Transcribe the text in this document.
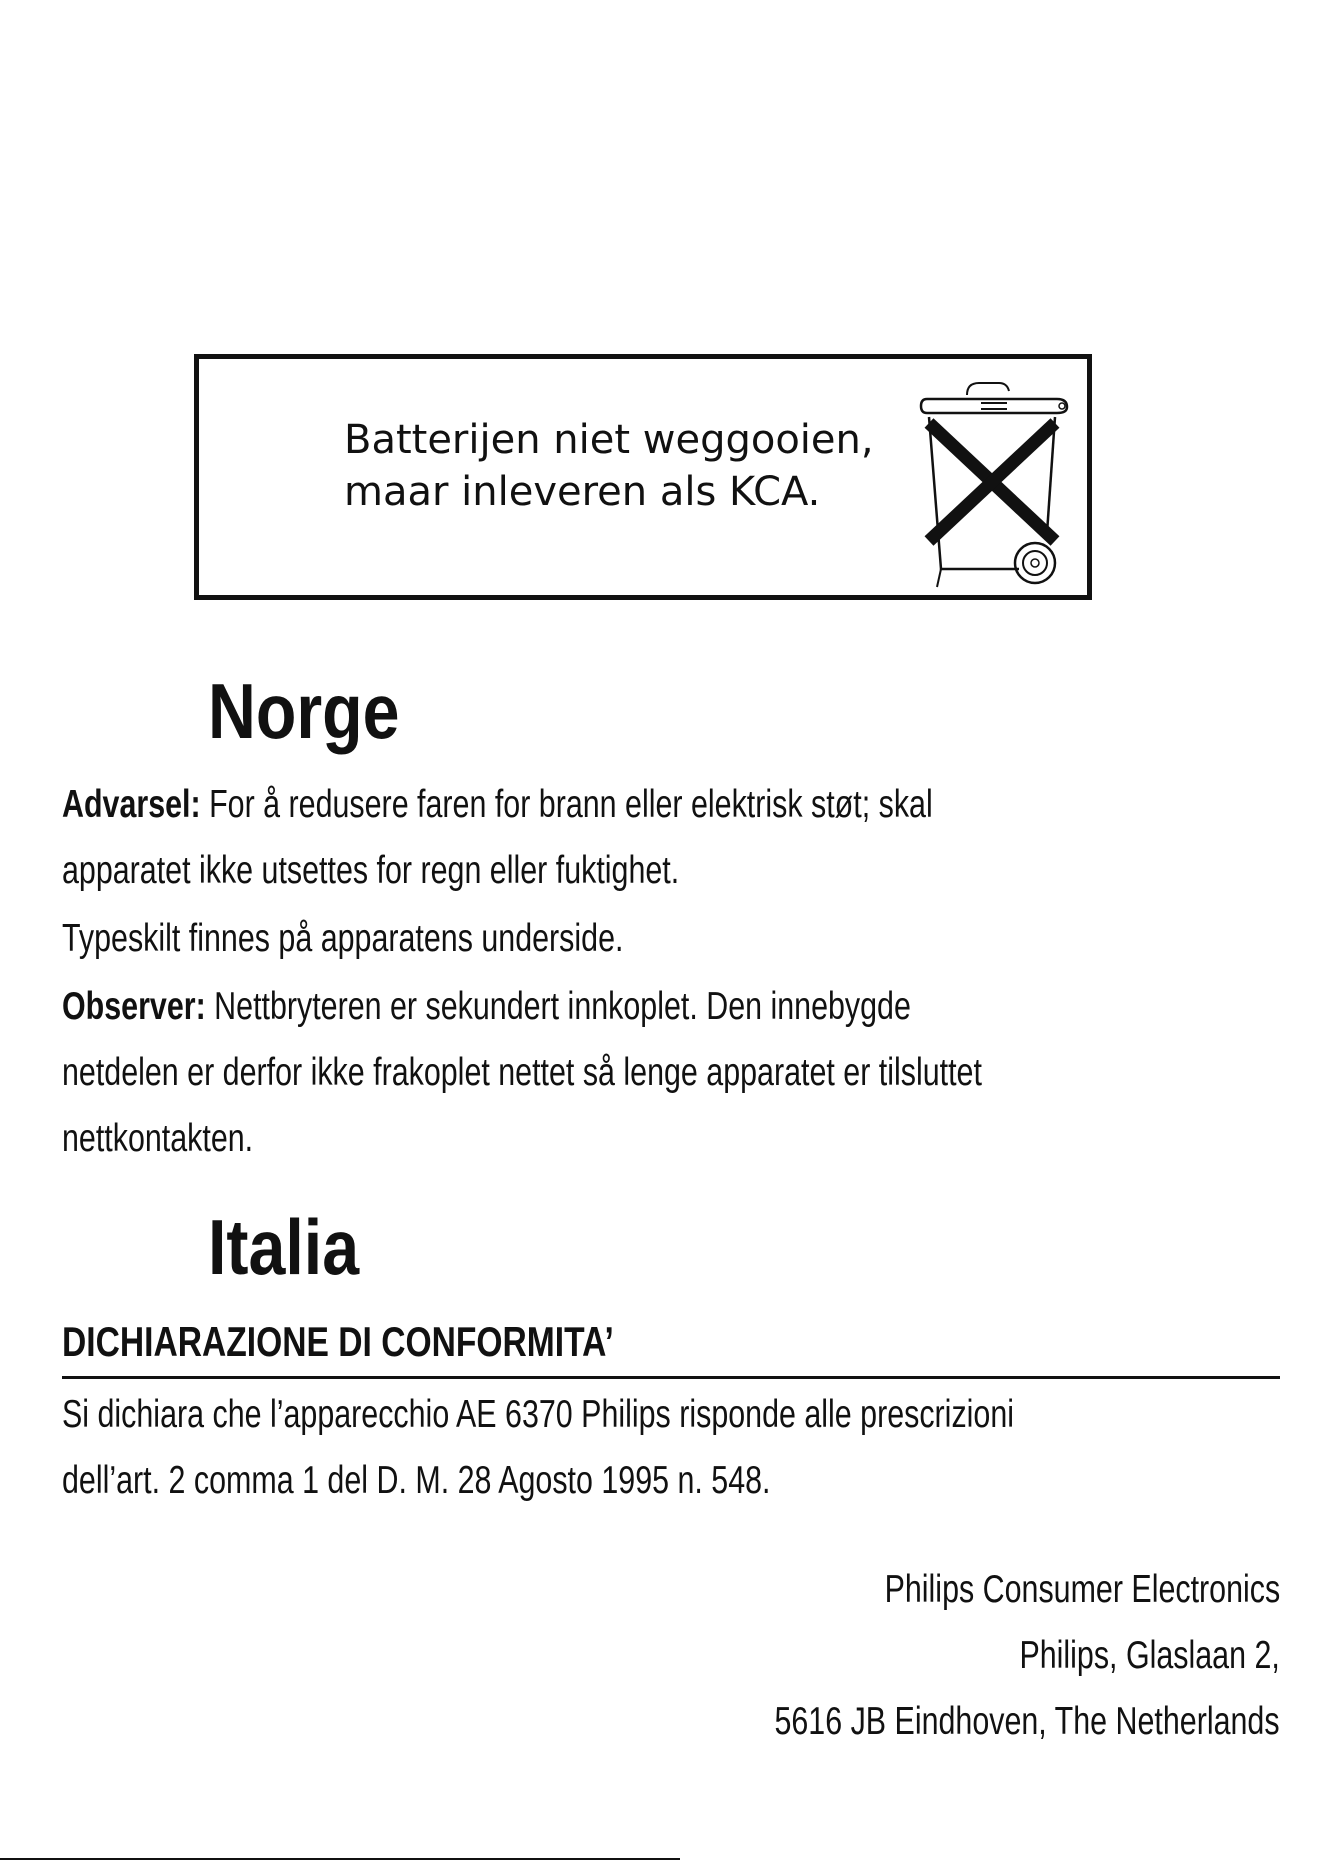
Batterijen niet weggooien,
maar inleveren als KCA.
Norge
Advarsel: For å redusere faren for brann eller elektrisk støt; skal
apparatet ikke utsettes for regn eller fuktighet.
Typeskilt finnes på apparatens underside.
Observer: Nettbryteren er sekundert innkoplet. Den innebygde
netdelen er derfor ikke frakoplet nettet så lenge apparatet er tilsluttet
nettkontakten.
Italia
DICHIARAZIONE DI CONFORMITA’
Si dichiara che l’apparecchio AE 6370 Philips risponde alle prescrizioni
dell’art. 2 comma 1 del D. M. 28 Agosto 1995 n. 548.
Philips Consumer Electronics
Philips, Glaslaan 2,
5616 JB Eindhoven, The Netherlands
